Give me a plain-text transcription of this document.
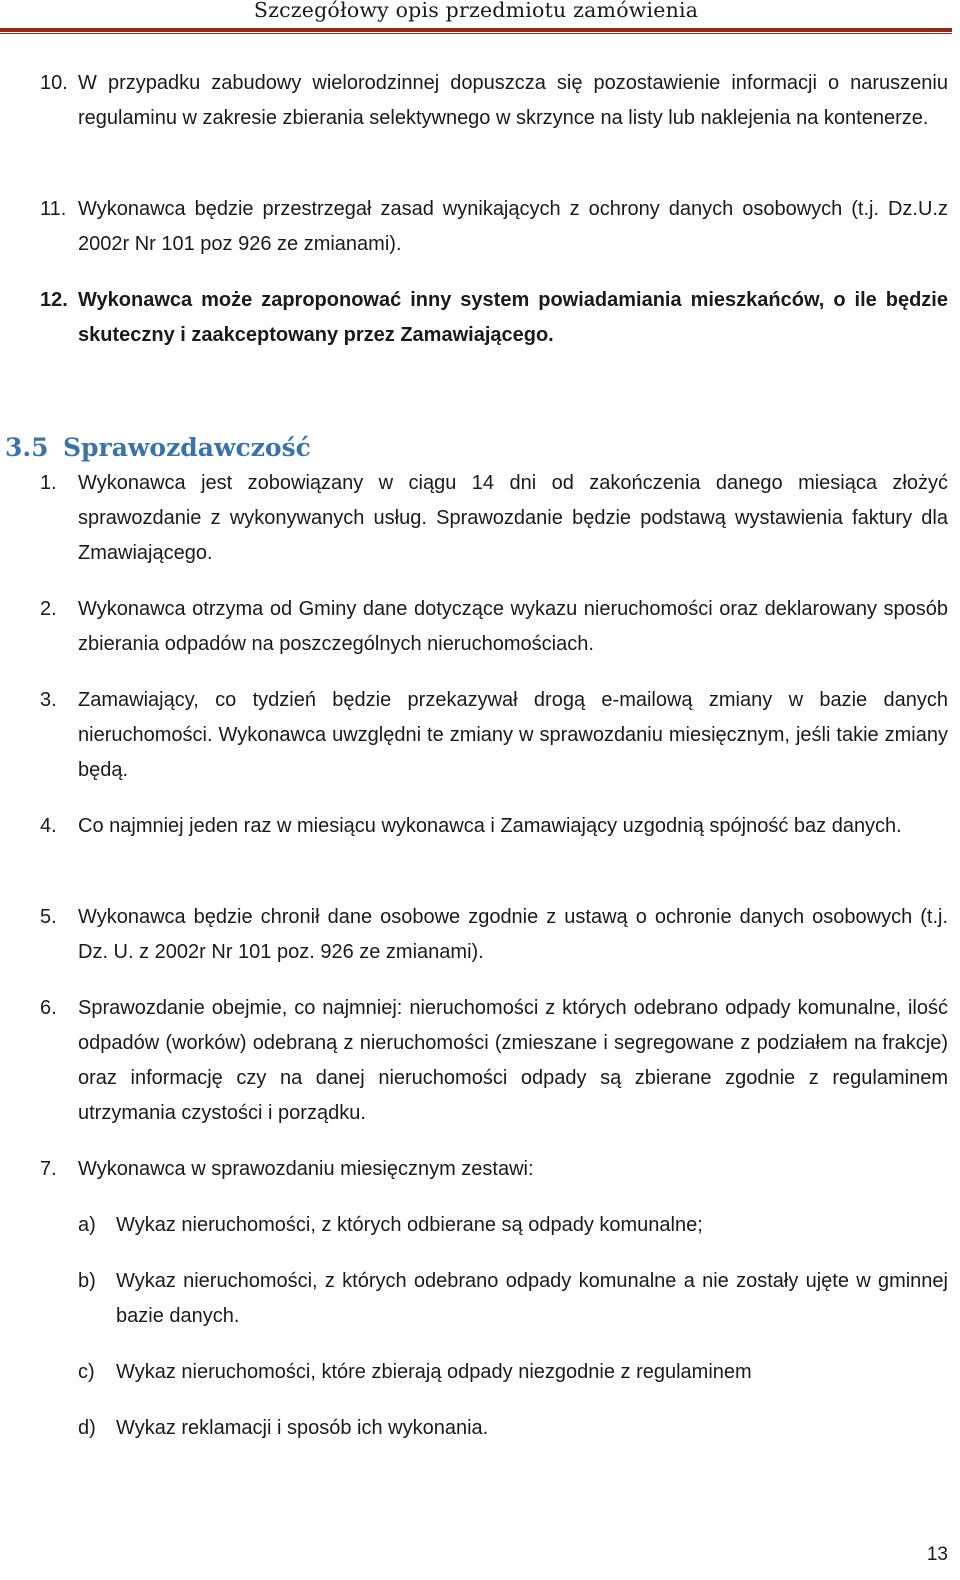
Szczegółowy opis przedmiotu zamówienia
10. W przypadku zabudowy wielorodzinnej dopuszcza się pozostawienie informacji o naruszeniu regulaminu w zakresie zbierania selektywnego w skrzynce na listy lub naklejenia na kontenerze.
11. Wykonawca będzie przestrzegał zasad wynikających z ochrony danych osobowych (t.j. Dz.U.z 2002r Nr 101 poz 926 ze zmianami).
12. Wykonawca może zaproponować inny system powiadamiania mieszkańców, o ile będzie skuteczny i zaakceptowany przez Zamawiającego.
3.5 Sprawozdawczość
1. Wykonawca jest zobowiązany w ciągu 14 dni od zakończenia danego miesiąca złożyć sprawozdanie z wykonywanych usług. Sprawozdanie będzie podstawą wystawienia faktury dla Zmawiającego.
2. Wykonawca otrzyma od Gminy dane dotyczące wykazu nieruchomości oraz deklarowany sposób zbierania odpadów na poszczególnych nieruchomościach.
3. Zamawiający, co tydzień będzie przekazywał drogą e-mailową zmiany w bazie danych nieruchomości. Wykonawca uwzględni te zmiany w sprawozdaniu miesięcznym, jeśli takie zmiany będą.
4. Co najmniej jeden raz w miesiącu wykonawca i Zamawiający uzgodnią spójność baz danych.
5. Wykonawca będzie chronił dane osobowe zgodnie z ustawą o ochronie danych osobowych (t.j. Dz. U. z 2002r Nr 101 poz. 926 ze zmianami).
6. Sprawozdanie obejmie, co najmniej: nieruchomości z których odebrano odpady komunalne, ilość odpadów (worków) odebraną z nieruchomości (zmieszane i segregowane z podziałem na frakcje) oraz informację czy na danej nieruchomości odpady są zbierane zgodnie z regulaminem utrzymania czystości i porządku.
7. Wykonawca w sprawozdaniu miesięcznym zestawi:
a) Wykaz nieruchomości, z których odbierane są odpady komunalne;
b) Wykaz nieruchomości, z których odebrano odpady komunalne a nie zostały ujęte w gminnej bazie danych.
c) Wykaz nieruchomości, które zbierają odpady niezgodnie z regulaminem
d) Wykaz reklamacji i sposób ich wykonania.
13
